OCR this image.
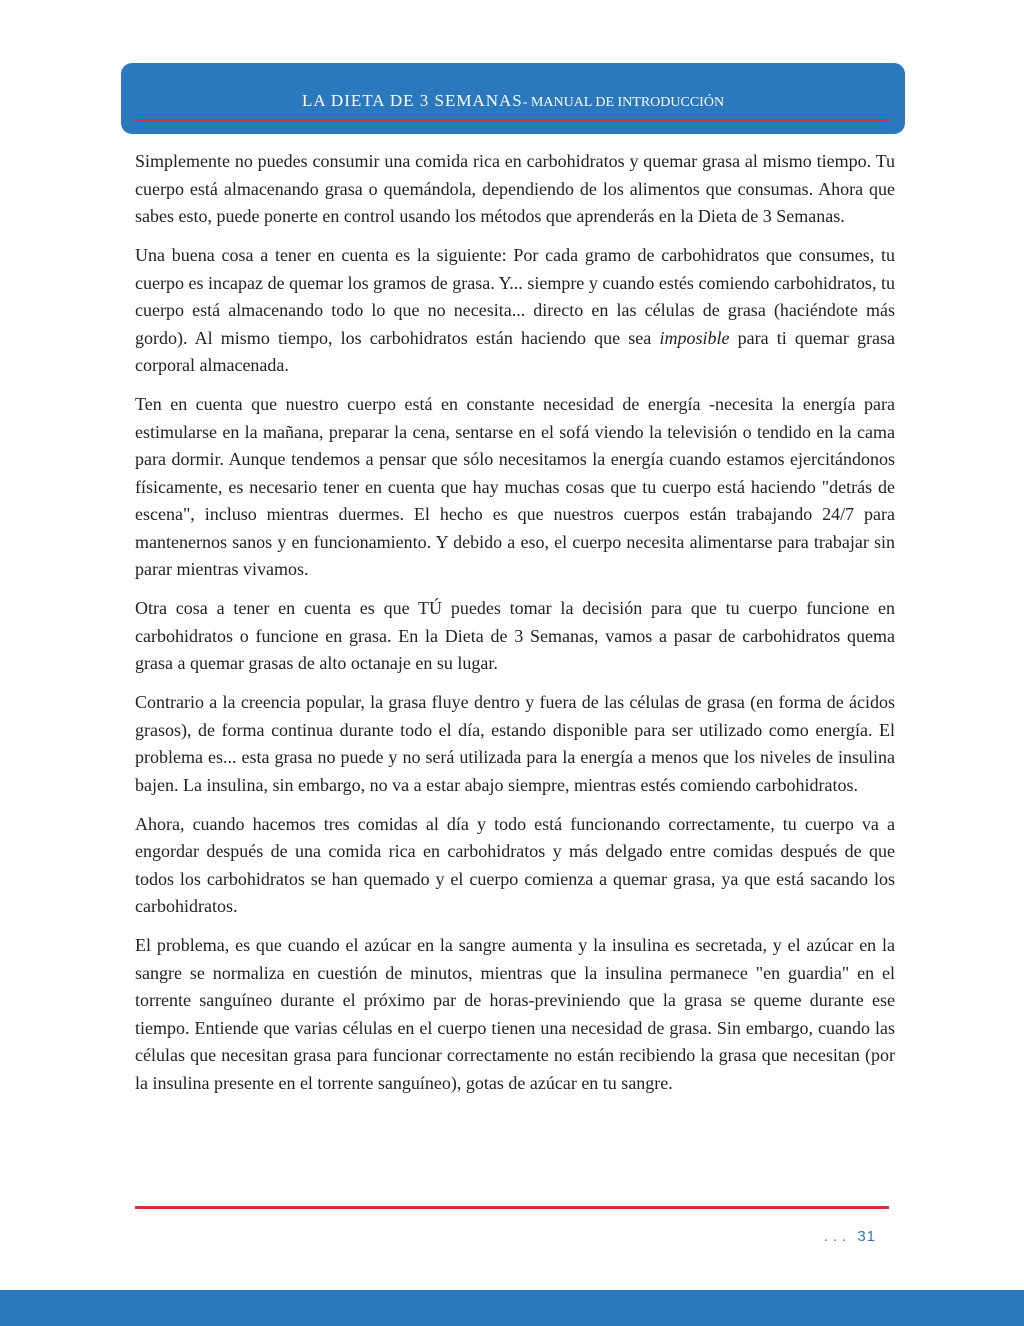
LA DIETA DE 3 SEMANAS- MANUAL DE INTRODUCCIÓN

Simplemente no puedes consumir una comida rica en carbohidratos y quemar grasa al mismo tiempo. Tu cuerpo está almacenando grasa o quemándola, dependiendo de los alimentos que consumas. Ahora que sabes esto, puede ponerte en control usando los métodos que aprenderás en la Dieta de 3 Semanas.

Una buena cosa a tener en cuenta es la siguiente: Por cada gramo de carbohidratos que consumes, tu cuerpo es incapaz de quemar los gramos de grasa. Y... siempre y cuando estés comiendo carbohidratos, tu cuerpo está almacenando todo lo que no necesita... directo en las células de grasa (haciéndote más gordo). Al mismo tiempo, los carbohidratos están haciendo que sea imposible para ti quemar grasa corporal almacenada.

Ten en cuenta que nuestro cuerpo está en constante necesidad de energía -necesita la energía para estimularse en la mañana, preparar la cena, sentarse en el sofá viendo la televisión o tendido en la cama para dormir. Aunque tendemos a pensar que sólo necesitamos la energía cuando estamos ejercitándonos físicamente, es necesario tener en cuenta que hay muchas cosas que tu cuerpo está haciendo "detrás de escena", incluso mientras duermes. El hecho es que nuestros cuerpos están trabajando 24/7 para mantenernos sanos y en funcionamiento. Y debido a eso, el cuerpo necesita alimentarse para trabajar sin parar mientras vivamos.

Otra cosa a tener en cuenta es que TÚ puedes tomar la decisión para que tu cuerpo funcione en carbohidratos o funcione en grasa. En la Dieta de 3 Semanas, vamos a pasar de carbohidratos quema grasa a quemar grasas de alto octanaje en su lugar.

Contrario a la creencia popular, la grasa fluye dentro y fuera de las células de grasa (en forma de ácidos grasos), de forma continua durante todo el día, estando disponible para ser utilizado como energía. El problema es... esta grasa no puede y no será utilizada para la energía a menos que los niveles de insulina bajen. La insulina, sin embargo, no va a estar abajo siempre, mientras estés comiendo carbohidratos.

Ahora, cuando hacemos tres comidas al día y todo está funcionando correctamente, tu cuerpo va a engordar después de una comida rica en carbohidratos y más delgado entre comidas después de que todos los carbohidratos se han quemado y el cuerpo comienza a quemar grasa, ya que está sacando los carbohidratos.

El problema, es que cuando el azúcar en la sangre aumenta y la insulina es secretada, y el azúcar en la sangre se normaliza en cuestión de minutos, mientras que la insulina permanece "en guardia" en el torrente sanguíneo durante el próximo par de horas-previniendo que la grasa se queme durante ese tiempo. Entiende que varias células en el cuerpo tienen una necesidad de grasa. Sin embargo, cuando las células que necesitan grasa para funcionar correctamente no están recibiendo la grasa que necesitan (por la insulina presente en el torrente sanguíneo), gotas de azúcar en tu sangre.

... 31
